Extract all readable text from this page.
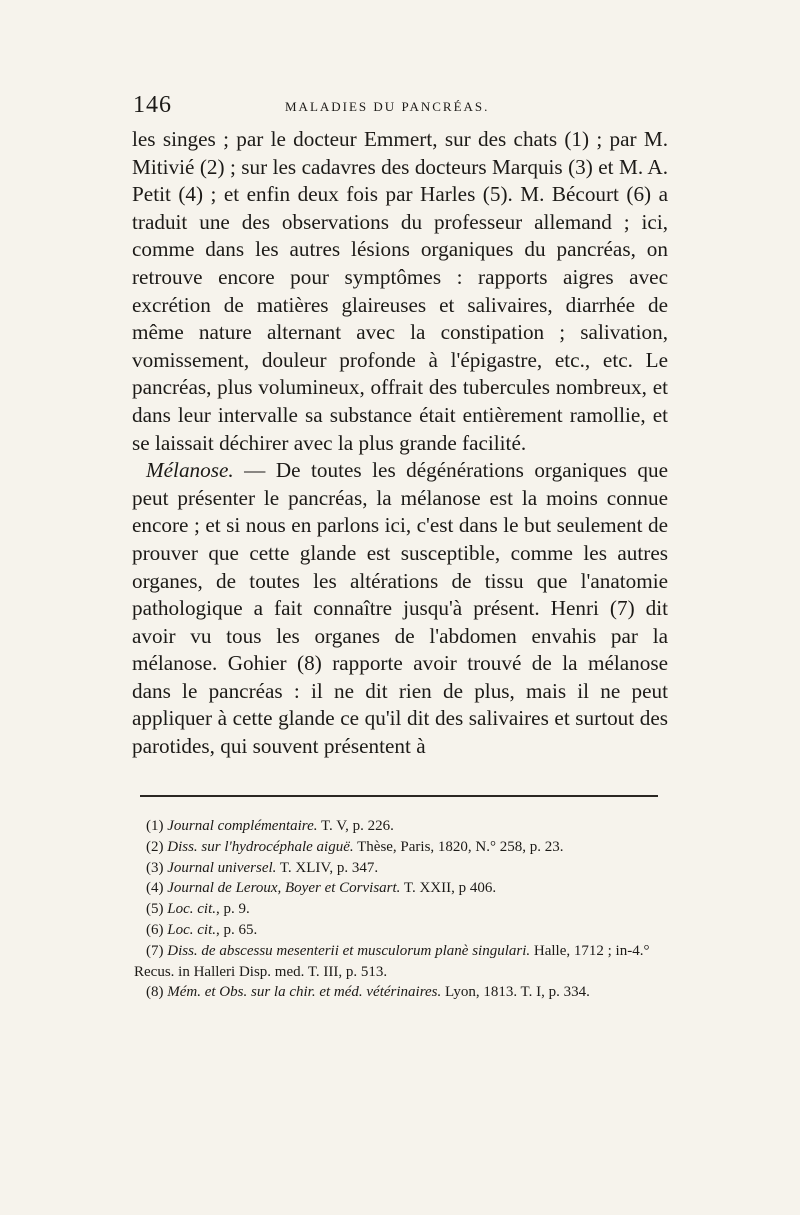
146	MALADIES DU PANCRÉAS.

les singes ; par le docteur Emmert, sur des chats (1) ; par M. Mitivié (2) ; sur les cadavres des docteurs Marquis (3) et M. A. Petit (4) ; et enfin deux fois par Harles (5). M. Bécourt (6) a traduit une des observations du professeur allemand ; ici, comme dans les autres lésions organiques du pancréas, on retrouve encore pour symptômes : rapports aigres avec excrétion de matières glaireuses et salivaires, diarrhée de même nature alternant avec la constipation ; salivation, vomissement, douleur profonde à l'épigastre, etc., etc. Le pancréas, plus volumineux, offrait des tubercules nombreux, et dans leur intervalle sa substance était entièrement ramollie, et se laissait déchirer avec la plus grande facilité.

Mélanose. — De toutes les dégénérations organiques que peut présenter le pancréas, la mélanose est la moins connue encore ; et si nous en parlons ici, c'est dans le but seulement de prouver que cette glande est susceptible, comme les autres organes, de toutes les altérations de tissu que l'anatomie pathologique a fait connaître jusqu'à présent. Henri (7) dit avoir vu tous les organes de l'abdomen envahis par la mélanose. Gohier (8) rapporte avoir trouvé de la mélanose dans le pancréas : il ne dit rien de plus, mais il ne peut appliquer à cette glande ce qu'il dit des salivaires et surtout des parotides, qui souvent présentent à

(1) Journal complémentaire. T. V, p. 226.

(2) Diss. sur l'hydrocéphale aiguë. Thèse, Paris, 1820, N.° 258, p. 23.

(3) Journal universel. T. XLIV, p. 347.

(4) Journal de Leroux, Boyer et Corvisart. T. XXII, p 406.

(5) Loc. cit., p. 9.

(6) Loc. cit., p. 65.

(7) Diss. de abscessu mesenterii et musculorum planè singulari. Halle, 1712 ; in-4.° Recus. in Halleri Disp. med. T. III, p. 513.

(8) Mém. et Obs. sur la chir. et méd. vétérinaires. Lyon, 1813. T. I, p. 334.
